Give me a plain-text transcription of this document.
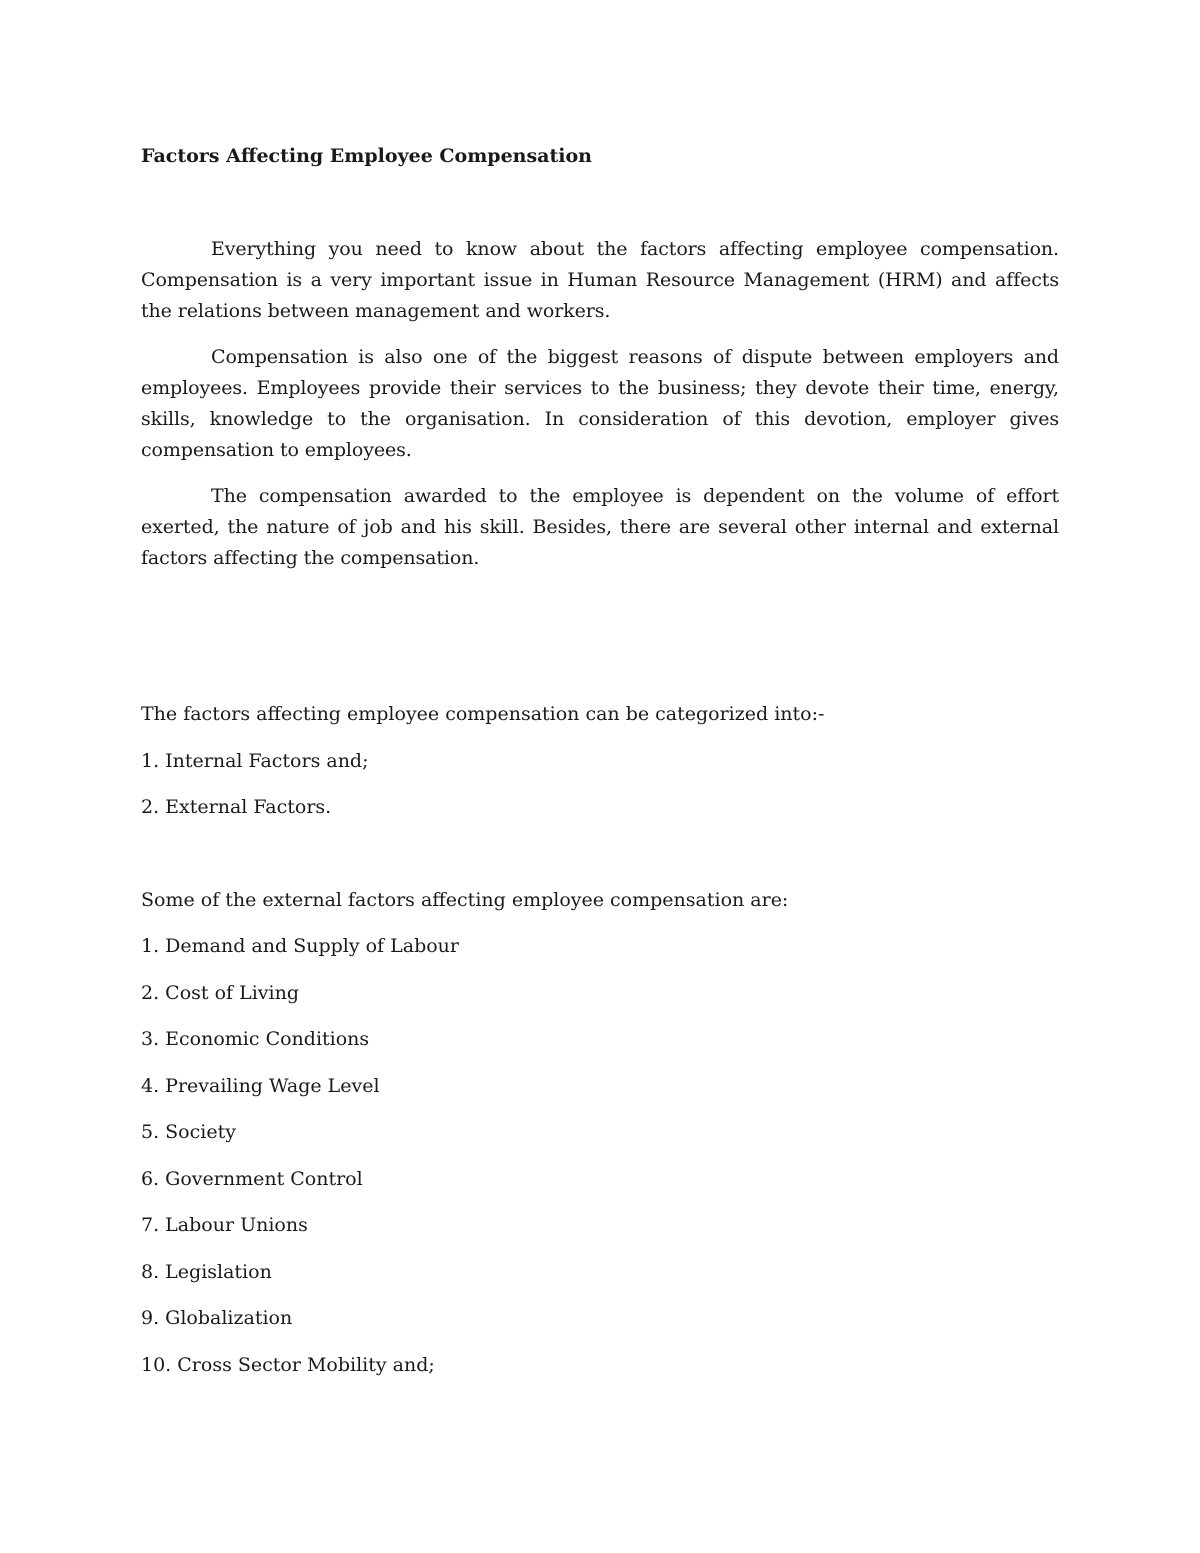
Factors Affecting Employee Compensation

Everything you need to know about the factors affecting employee compensation. Compensation is a very important issue in Human Resource Management (HRM) and affects the relations between management and workers.

Compensation is also one of the biggest reasons of dispute between employers and employees. Employees provide their services to the business; they devote their time, energy, skills, knowledge to the organisation. In consideration of this devotion, employer gives compensation to employees.

The compensation awarded to the employee is dependent on the volume of effort exerted, the nature of job and his skill. Besides, there are several other internal and external factors affecting the compensation.

The factors affecting employee compensation can be categorized into:-
1. Internal Factors and;
2. External Factors.
Some of the external factors affecting employee compensation are:
1. Demand and Supply of Labour
2. Cost of Living
3. Economic Conditions
4. Prevailing Wage Level
5. Society
6. Government Control
7. Labour Unions
8. Legislation
9. Globalization
10. Cross Sector Mobility and;
